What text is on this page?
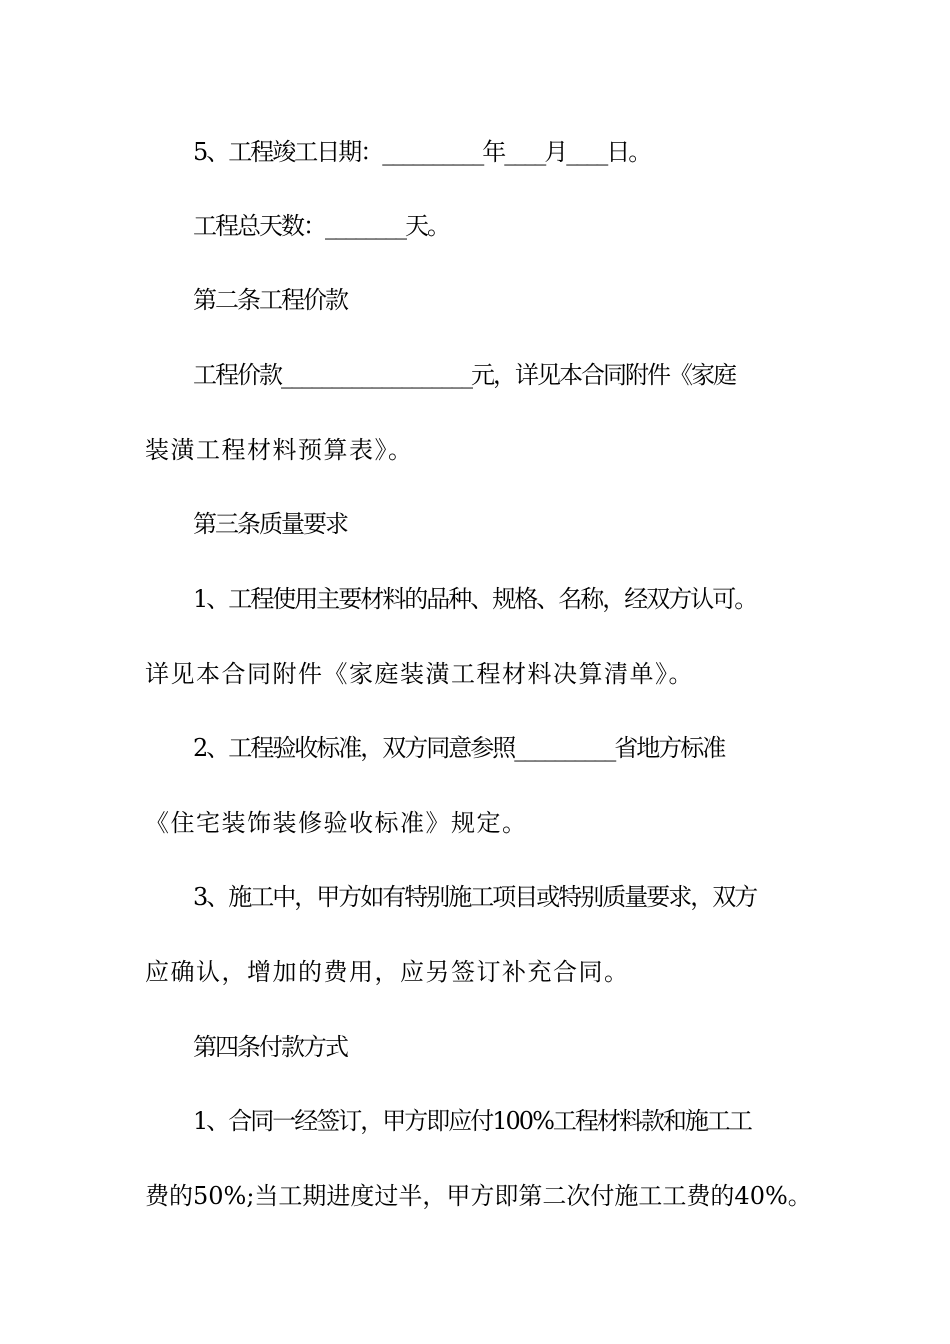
5、工程竣工日期：__________年____月____日。
工程总天数：________天。
第二条工程价款
工程价款___________________元，详见本合同附件《家庭
装潢工程材料预算表》。
第三条质量要求
1、工程使用主要材料的品种、规格、名称，经双方认可。
详见本合同附件《家庭装潢工程材料决算清单》。
2、工程验收标准，双方同意参照__________省地方标准
《住宅装饰装修验收标准》规定。
3、施工中，甲方如有特别施工项目或特别质量要求，双方
应确认，增加的费用，应另签订补充合同。
第四条付款方式
1、合同一经签订，甲方即应付100%工程材料款和施工工
费的50%;当工期进度过半，甲方即第二次付施工工费的40%。
